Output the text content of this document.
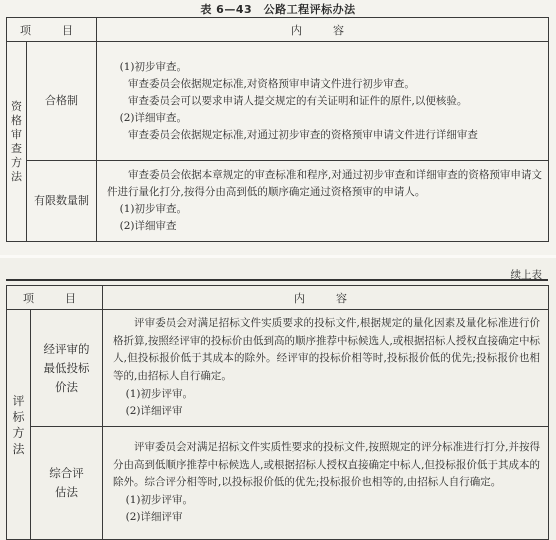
表 6—43　公路工程评标办法
项　目		内　容
资格审查方法	合格制	(1)初步审查。

审查委员会依据规定标准,对资格预审申请文件进行初步审查。

审查委员会可以要求申请人提交规定的有关证明和证件的原件,以便核验。

(2)详细审查。

审查委员会依据规定标准,对通过初步审查的资格预审申请文件进行详细审查

	有限数量制	审查委员会依据本章规定的审查标准和程序,对通过初步审查和详细审查的资格预审申请文件进行量化打分,按得分由高到低的顺序确定通过资格预审的申请人。

(1)初步审查。

(2)详细审查

续上表
项　目		内　容
评标方法	经评审的最低投标价法	评审委员会对满足招标文件实质要求的投标文件,根据规定的量化因素及量化标准进行价格折算,按照经评审的投标价由低到高的顺序推荐中标候选人,或根据招标人授权直接确定中标人,但投标报价低于其成本的除外。经评审的投标价相等时,投标报价低的优先;投标报价也相等的,由招标人自行确定。

(1)初步评审。

(2)详细评审

	综合评估法	评审委员会对满足招标文件实质性要求的投标文件,按照规定的评分标准进行打分,并按得分由高到低顺序推荐中标候选人,或根据招标人授权直接确定中标人,但投标报价低于其成本的除外。综合评分相等时,以投标报价低的优先;投标报价也相等的,由招标人自行确定。

(1)初步评审。

(2)详细评审
